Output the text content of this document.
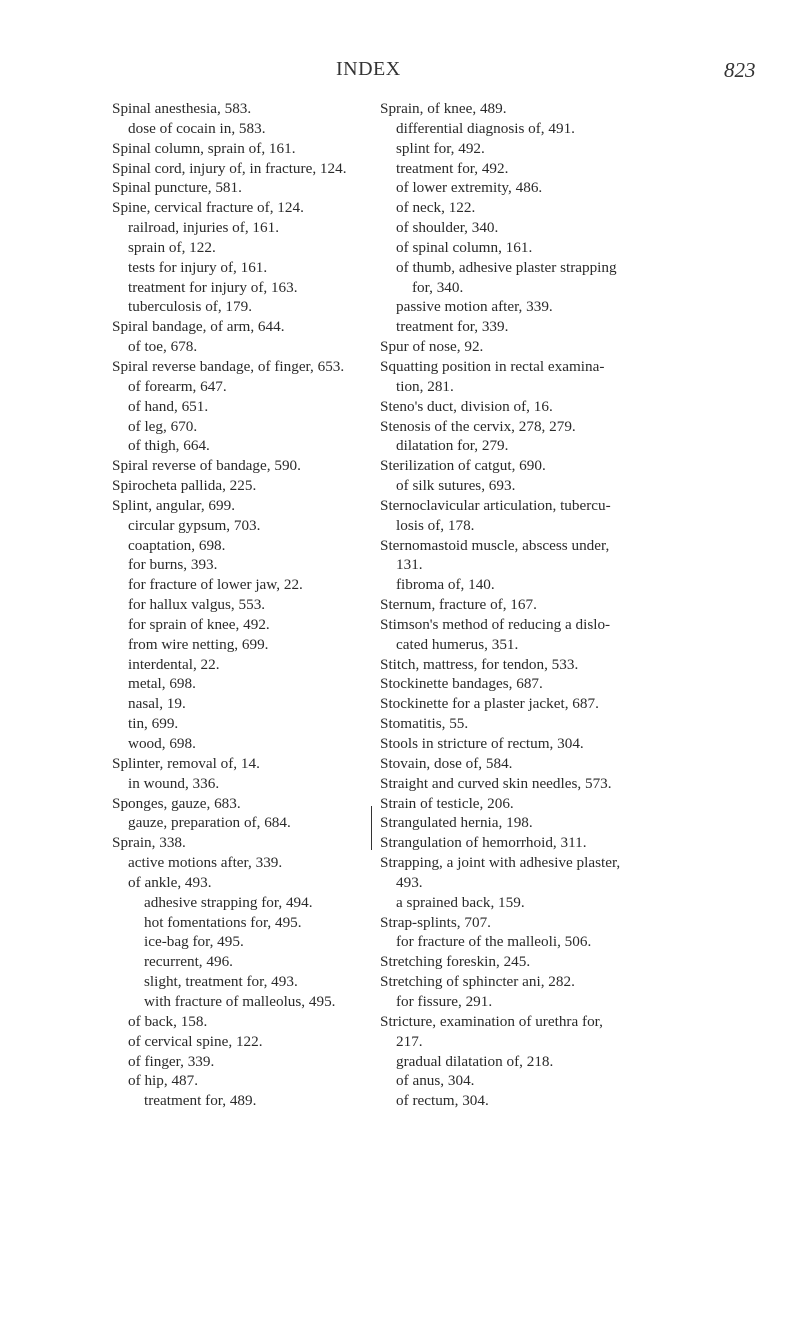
INDEX	823
Spinal anesthesia, 583.
dose of cocain in, 583.
Spinal column, sprain of, 161.
Spinal cord, injury of, in fracture, 124.
Spinal puncture, 581.
Spine, cervical fracture of, 124.
railroad, injuries of, 161.
sprain of, 122.
tests for injury of, 161.
treatment for injury of, 163.
tuberculosis of, 179.
Spiral bandage, of arm, 644.
of toe, 678.
Spiral reverse bandage, of finger, 653.
of forearm, 647.
of hand, 651.
of leg, 670.
of thigh, 664.
Spiral reverse of bandage, 590.
Spirocheta pallida, 225.
Splint, angular, 699.
circular gypsum, 703.
coaptation, 698.
for burns, 393.
for fracture of lower jaw, 22.
for hallux valgus, 553.
for sprain of knee, 492.
from wire netting, 699.
interdental, 22.
metal, 698.
nasal, 19.
tin, 699.
wood, 698.
Splinter, removal of, 14.
in wound, 336.
Sponges, gauze, 683.
gauze, preparation of, 684.
Sprain, 338.
active motions after, 339.
of ankle, 493.
adhesive strapping for, 494.
hot fomentations for, 495.
ice-bag for, 495.
recurrent, 496.
slight, treatment for, 493.
with fracture of malleolus, 495.
of back, 158.
of cervical spine, 122.
of finger, 339.
of hip, 487.
treatment for, 489.
Sprain, of knee, 489.
differential diagnosis of, 491.
splint for, 492.
treatment for, 492.
of lower extremity, 486.
of neck, 122.
of shoulder, 340.
of spinal column, 161.
of thumb, adhesive plaster strapping
for, 340.
passive motion after, 339.
treatment for, 339.
Spur of nose, 92.
Squatting position in rectal examina-
tion, 281.
Steno's duct, division of, 16.
Stenosis of the cervix, 278, 279.
dilatation for, 279.
Sterilization of catgut, 690.
of silk sutures, 693.
Sternoclavicular articulation, tubercu-
losis of, 178.
Sternomastoid muscle, abscess under,
131.
fibroma of, 140.
Sternum, fracture of, 167.
Stimson's method of reducing a dislo-
cated humerus, 351.
Stitch, mattress, for tendon, 533.
Stockinette bandages, 687.
Stockinette for a plaster jacket, 687.
Stomatitis, 55.
Stools in stricture of rectum, 304.
Stovain, dose of, 584.
Straight and curved skin needles, 573.
Strain of testicle, 206.
Strangulated hernia, 198.
Strangulation of hemorrhoid, 311.
Strapping, a joint with adhesive plaster,
493.
a sprained back, 159.
Strap-splints, 707.
for fracture of the malleoli, 506.
Stretching foreskin, 245.
Stretching of sphincter ani, 282.
for fissure, 291.
Stricture, examination of urethra for,
217.
gradual dilatation of, 218.
of anus, 304.
of rectum, 304.
